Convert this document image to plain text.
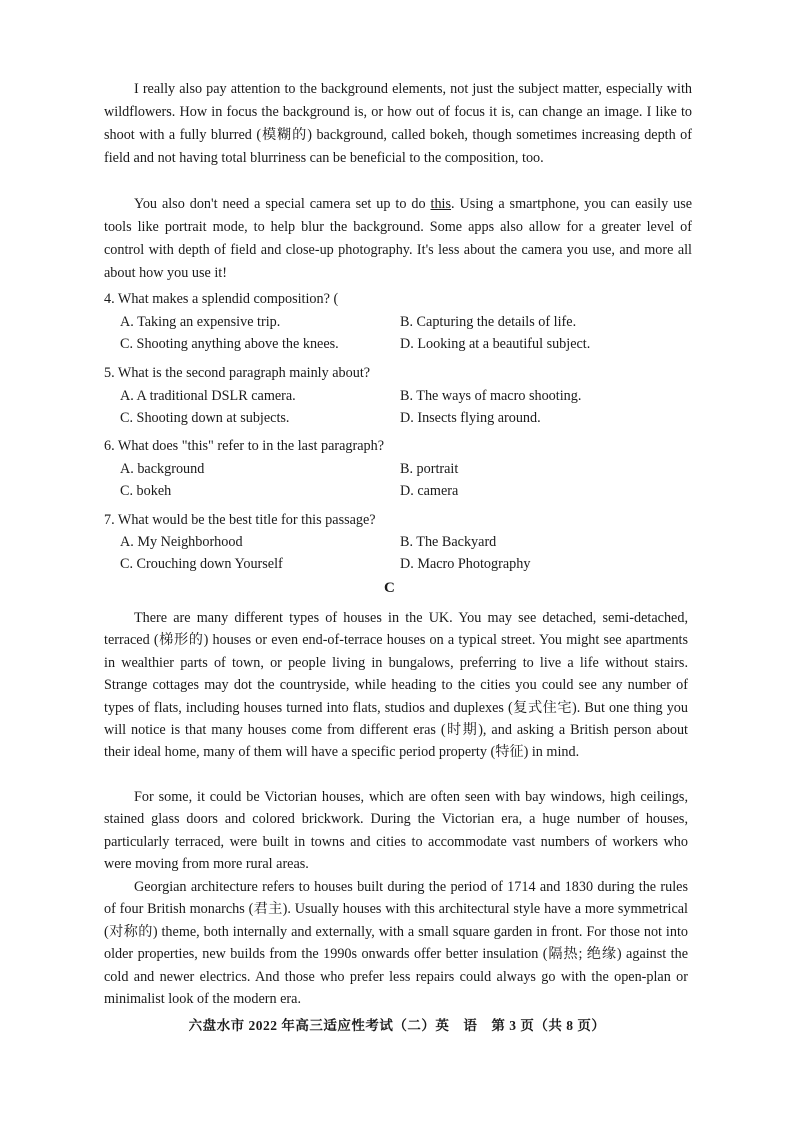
I really also pay attention to the background elements, not just the subject matter, especially with wildflowers. How in focus the background is, or how out of focus it is, can change an image. I like to shoot with a fully blurred (模糊的) background, called bokeh, though sometimes increasing depth of field and not having total blurriness can be beneficial to the composition, too.
You also don't need a special camera set up to do this. Using a smartphone, you can easily use tools like portrait mode, to help blur the background. Some apps also allow for a greater level of control with depth of field and close-up photography. It's less about the camera you use, and more all about how you use it!
4. What makes a splendid composition? (
A. Taking an expensive trip.	B. Capturing the details of life.
C. Shooting anything above the knees.	D. Looking at a beautiful subject.
5. What is the second paragraph mainly about?
A. A traditional DSLR camera.	B. The ways of macro shooting.
C. Shooting down at subjects.	D. Insects flying around.
6. What does "this" refer to in the last paragraph?
A. background	B. portrait
C. bokeh	D. camera
7. What would be the best title for this passage?
A. My Neighborhood	B. The Backyard
C. Crouching down Yourself	D. Macro Photography
C
There are many different types of houses in the UK. You may see detached, semi-detached, terraced (梯形的) houses or even end-of-terrace houses on a typical street. You might see apartments in wealthier parts of town, or people living in bungalows, preferring to live a life without stairs. Strange cottages may dot the countryside, while heading to the cities you could see any number of types of flats, including houses turned into flats, studios and duplexes (复式住宅). But one thing you will notice is that many houses come from different eras (时期), and asking a British person about their ideal home, many of them will have a specific period property (特征) in mind.
For some, it could be Victorian houses, which are often seen with bay windows, high ceilings, stained glass doors and colored brickwork. During the Victorian era, a huge number of houses, particularly terraced, were built in towns and cities to accommodate vast numbers of workers who were moving from more rural areas.
Georgian architecture refers to houses built during the period of 1714 and 1830 during the rules of four British monarchs (君主). Usually houses with this architectural style have a more symmetrical (对称的) theme, both internally and externally, with a small square garden in front. For those not into older properties, new builds from the 1990s onwards offer better insulation (隔热; 绝缘) against the cold and newer electrics. And those who prefer less repairs could always go with the open-plan or minimalist look of the modern era.
六盘水市 2022 年高三适应性考试（二）英　语　第 3 页（共 8 页）
